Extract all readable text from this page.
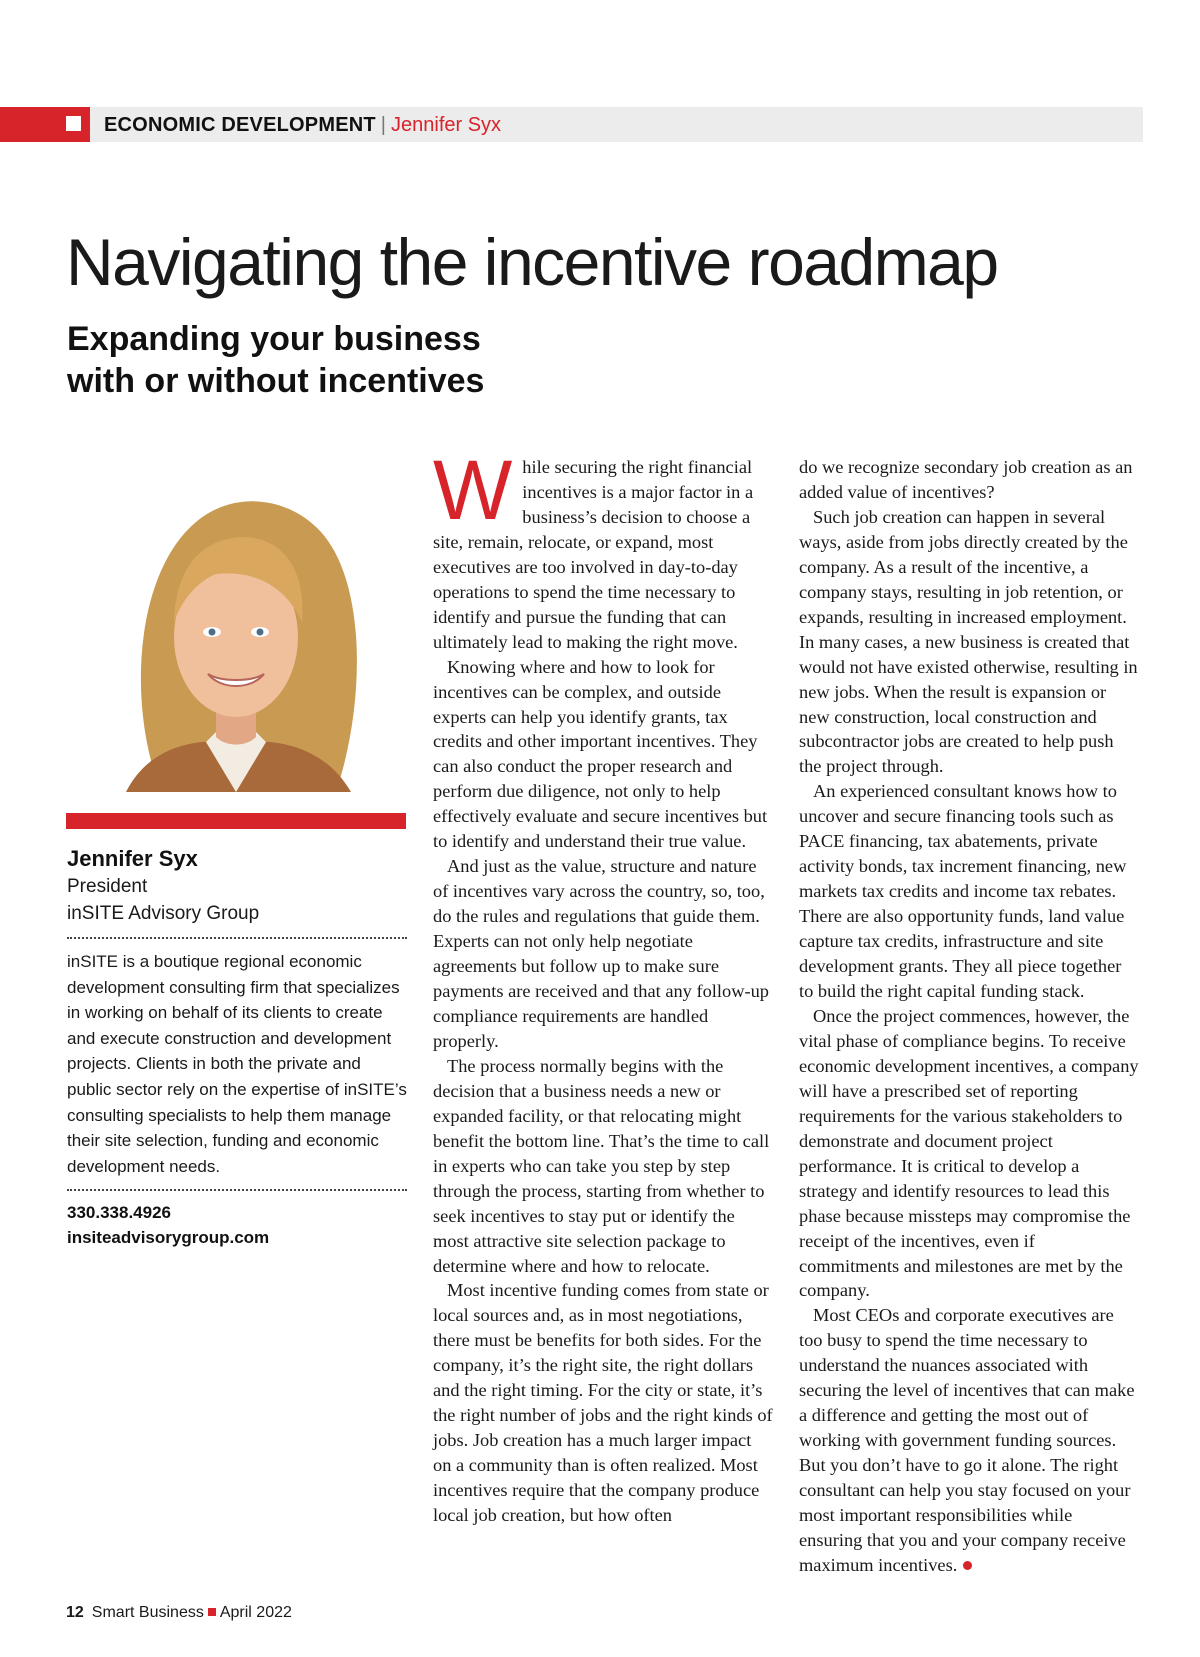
ECONOMIC DEVELOPMENT | Jennifer Syx
Navigating the incentive roadmap
Expanding your business
with or without incentives
Jennifer Syx
President
inSITE Advisory Group
inSITE is a boutique regional economic development consulting firm that specializes in working on behalf of its clients to create and execute construction and development projects. Clients in both the private and public sector rely on the expertise of inSITE’s consulting specialists to help them manage their site selection, funding and economic development needs.
330.338.4926
insiteadvisorygroup.com

While securing the right financial incentives is a major factor in a business’s decision to choose a site, remain, relocate, or expand, most executives are too involved in day-to-day operations to spend the time necessary to identify and pursue the funding that can ultimately lead to making the right move.

Knowing where and how to look for incentives can be complex, and outside experts can help you identify grants, tax credits and other important incentives. They can also conduct the proper research and perform due diligence, not only to help effectively evaluate and secure incentives but to identify and understand their true value.

And just as the value, structure and nature of incentives vary across the country, so, too, do the rules and regulations that guide them. Experts can not only help negotiate agreements but follow up to make sure payments are received and that any follow-up compliance requirements are handled properly.

The process normally begins with the decision that a business needs a new or expanded facility, or that relocating might benefit the bottom line. That’s the time to call in experts who can take you step by step through the process, starting from whether to seek incentives to stay put or identify the most attractive site selection package to determine where and how to relocate.

Most incentive funding comes from state or local sources and, as in most negotiations, there must be benefits for both sides. For the company, it’s the right site, the right dollars and the right timing. For the city or state, it’s the right number of jobs and the right kinds of jobs. Job creation has a much larger impact on a community than is often realized. Most incentives require that the company produce local job creation, but how often

do we recognize secondary job creation as an added value of incentives?

Such job creation can happen in several ways, aside from jobs directly created by the company. As a result of the incentive, a company stays, resulting in job retention, or expands, resulting in increased employment. In many cases, a new business is created that would not have existed otherwise, resulting in new jobs. When the result is expansion or new construction, local construction and subcontractor jobs are created to help push the project through.

An experienced consultant knows how to uncover and secure financing tools such as PACE financing, tax abatements, private activity bonds, tax increment financing, new markets tax credits and income tax rebates. There are also opportunity funds, land value capture tax credits, infrastructure and site development grants. They all piece together to build the right capital funding stack.

Once the project commences, however, the vital phase of compliance begins. To receive economic development incentives, a company will have a prescribed set of reporting requirements for the various stakeholders to demonstrate and document project performance. It is critical to develop a strategy and identify resources to lead this phase because missteps may compromise the receipt of the incentives, even if commitments and milestones are met by the company.

Most CEOs and corporate executives are too busy to spend the time necessary to understand the nuances associated with securing the level of incentives that can make a difference and getting the most out of working with government funding sources. But you don’t have to go it alone. The right consultant can help you stay focused on your most important responsibilities while ensuring that you and your company receive maximum incentives.

12 Smart Business April 2022
